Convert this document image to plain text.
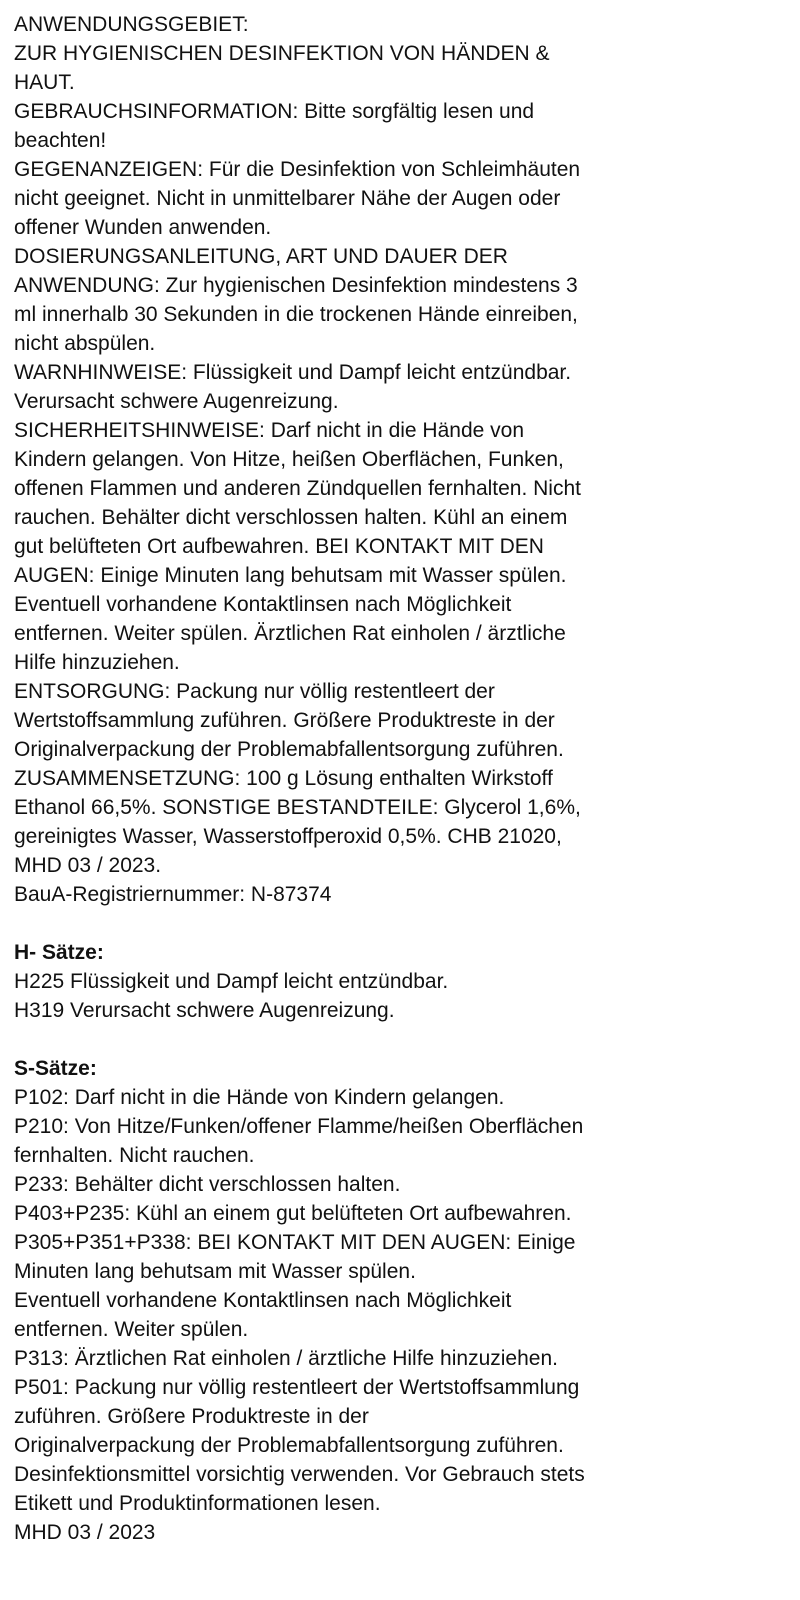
ANWENDUNGSGEBIET:
ZUR HYGIENISCHEN DESINFEKTION VON HÄNDEN &
HAUT.
GEBRAUCHSINFORMATION: Bitte sorgfältig lesen und
beachten!
GEGENANZEIGEN: Für die Desinfektion von Schleimhäuten
nicht geeignet. Nicht in unmittelbarer Nähe der Augen oder
offener Wunden anwenden.
DOSIERUNGSANLEITUNG, ART UND DAUER DER
ANWENDUNG: Zur hygienischen Desinfektion mindestens 3
ml innerhalb 30 Sekunden in die trockenen Hände einreiben,
nicht abspülen.
WARNHINWEISE: Flüssigkeit und Dampf leicht entzündbar.
Verursacht schwere Augenreizung.
SICHERHEITSHINWEISE: Darf nicht in die Hände von
Kindern gelangen. Von Hitze, heißen Oberflächen, Funken,
offenen Flammen und anderen Zündquellen fernhalten. Nicht
rauchen. Behälter dicht verschlossen halten. Kühl an einem
gut belüfteten Ort aufbewahren. BEI KONTAKT MIT DEN
AUGEN: Einige Minuten lang behutsam mit Wasser spülen.
Eventuell vorhandene Kontaktlinsen nach Möglichkeit
entfernen. Weiter spülen. Ärztlichen Rat einholen / ärztliche
Hilfe hinzuziehen.
ENTSORGUNG: Packung nur völlig restentleert der
Wertstoffsammlung zuführen. Größere Produktreste in der
Originalverpackung der Problemabfallentsorgung zuführen.
ZUSAMMENSETZUNG: 100 g Lösung enthalten Wirkstoff
Ethanol 66,5%. SONSTIGE BESTANDTEILE: Glycerol 1,6%,
gereinigtes Wasser, Wasserstoffperoxid 0,5%. CHB 21020,
MHD 03 / 2023.
BauA-Registriernummer: N-87374
H- Sätze:
H225 Flüssigkeit und Dampf leicht entzündbar.
H319 Verursacht schwere Augenreizung.
S-Sätze:
P102: Darf nicht in die Hände von Kindern gelangen.
P210: Von Hitze/Funken/offener Flamme/heißen Oberflächen
fernhalten. Nicht rauchen.
P233: Behälter dicht verschlossen halten.
P403+P235: Kühl an einem gut belüfteten Ort aufbewahren.
P305+P351+P338: BEI KONTAKT MIT DEN AUGEN: Einige
Minuten lang behutsam mit Wasser spülen.
Eventuell vorhandene Kontaktlinsen nach Möglichkeit
entfernen. Weiter spülen.
P313: Ärztlichen Rat einholen / ärztliche Hilfe hinzuziehen.
P501: Packung nur völlig restentleert der Wertstoffsammlung
zuführen. Größere Produktreste in der
Originalverpackung der Problemabfallentsorgung zuführen.
Desinfektionsmittel vorsichtig verwenden. Vor Gebrauch stets
Etikett und Produktinformationen lesen.
MHD 03 / 2023
